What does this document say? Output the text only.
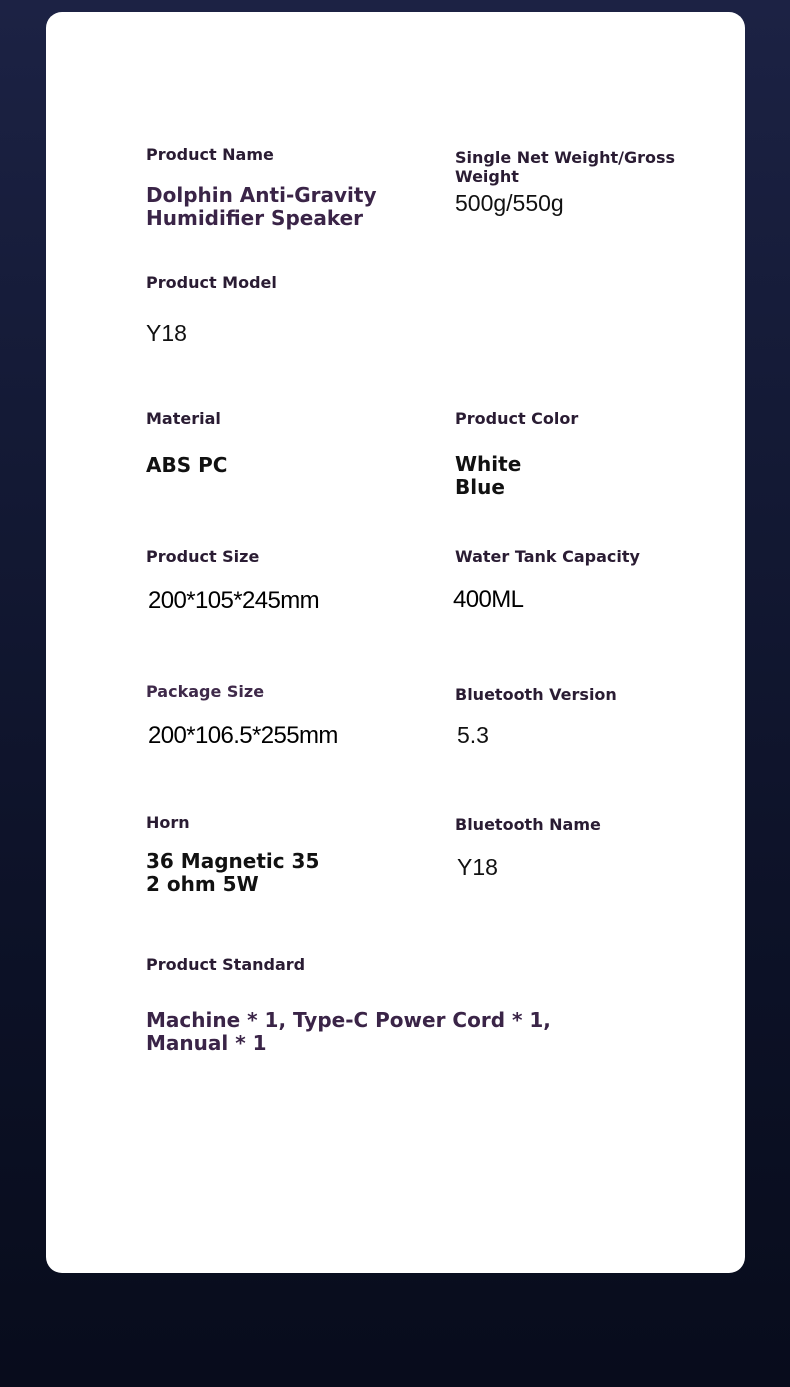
Product Name

Dolphin Anti-Gravity
Humidifier Speaker

Single Net Weight/Gross Weight

500g/550g

Product Model

Y18

Material

ABS PC

Product Color

White
Blue

Product Size

200*105*245mm

Water Tank Capacity

400ML

Package Size

200*106.5*255mm

Bluetooth Version

5.3

Horn

36 Magnetic 35
2 ohm 5W

Bluetooth Name

Y18

Product Standard

Machine * 1, Type-C Power Cord * 1,
Manual * 1
